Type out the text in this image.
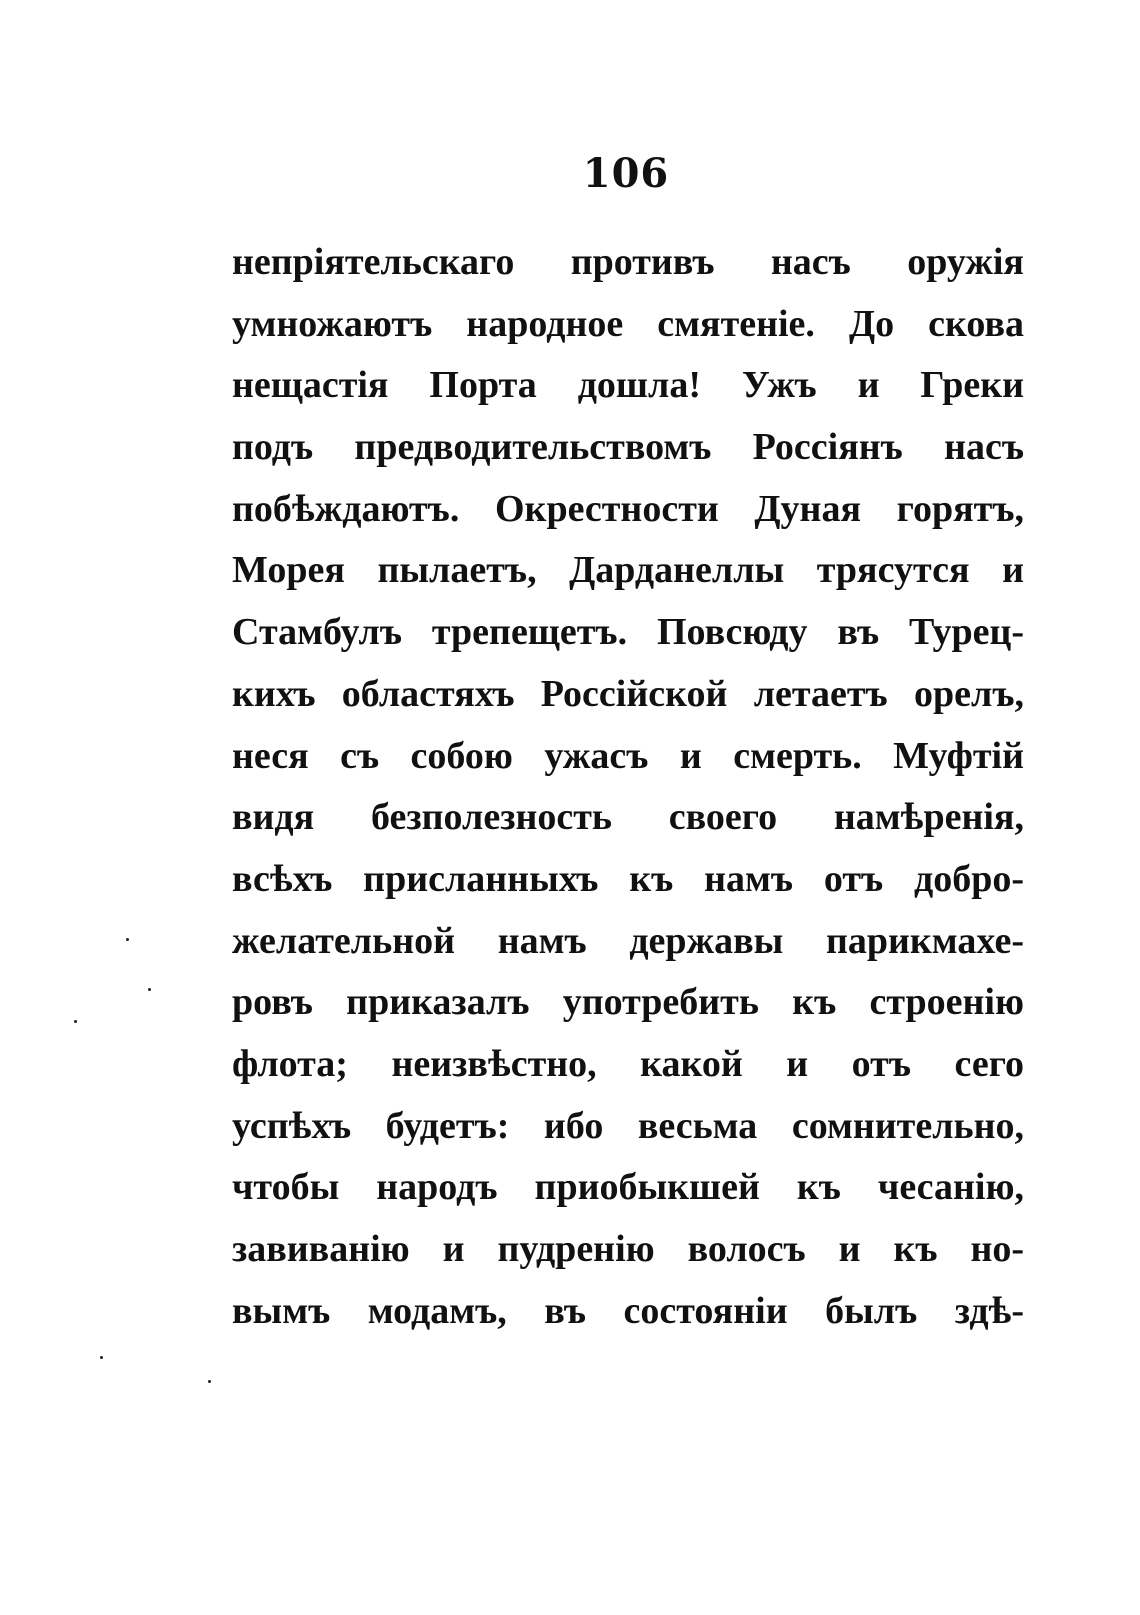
106
непріятельскаго противъ насъ оружія
умножаютъ народное смятеніе. До скова
нещастія Порта дошла! Ужъ и Греки
подъ предводительствомъ Россіянъ насъ
побѣждаютъ. Окрестности Дуная горятъ,
Морея пылаетъ, Дарданеллы трясутся и
Стамбулъ трепещетъ. Повсюду въ Турец-
кихъ областяхъ Россійской летаетъ орелъ,
неся съ собою ужасъ и смерть. Муфтій
видя безполезность своего намѣренія,
всѣхъ присланныхъ къ намъ отъ добро-
желательной намъ державы парикмахе-
ровъ приказалъ употребить къ строенію
флота; неизвѣстно, какой и отъ сего
успѣхъ будетъ: ибо весьма сомнительно,
чтобы народъ приобыкшей къ чесанію,
завиванію и пудренію волосъ и къ но-
вымъ модамъ, въ состояніи былъ здѣ-
